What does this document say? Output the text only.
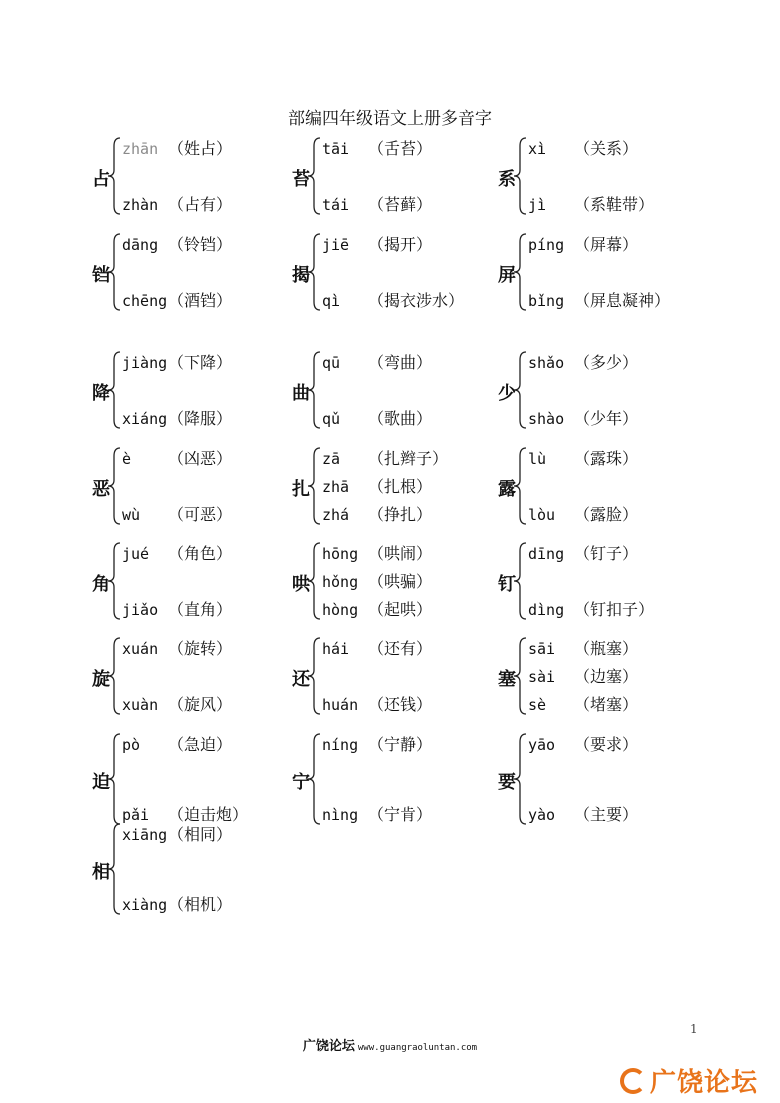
部编四年级语文上册多音字
占
zhān （姓占）
zhàn （占有）
苔
tāi （舌苔）
tái （苔藓）
系
xì （关系）
jì （系鞋带）
铛
dāng （铃铛）
chēng（酒铛）
揭
jiē （揭开）
qì （揭衣涉水）
屏
píng （屏幕）
bǐng （屏息凝神）
降
jiàng（下降）
xiáng（降服）
曲
qū （弯曲）
qǔ （歌曲）
少
shǎo （多少）
shào （少年）
恶
è （凶恶）
wù （可恶）
扎
zā （扎辫子）
zhā （扎根）
zhá （挣扎）
露
lù （露珠）
lòu （露脸）
角
jué （角色）
jiǎo （直角）
哄
hōng （哄闹）
hǒng （哄骗）
hòng （起哄）
钉
dīng （钉子）
dìng （钉扣子）
旋
xuán （旋转）
xuàn （旋风）
还
hái （还有）
huán （还钱）
塞
sāi （瓶塞）
sài （边塞）
sè （堵塞）
迫
pò （急迫）
pǎi （迫击炮）
宁
níng （宁静）
nìng （宁肯）
要
yāo （要求）
yào （主要）
相
xiāng（相同）
xiàng（相机）
1
广饶论坛 www.guangraoluntan.com
广饶论坛
